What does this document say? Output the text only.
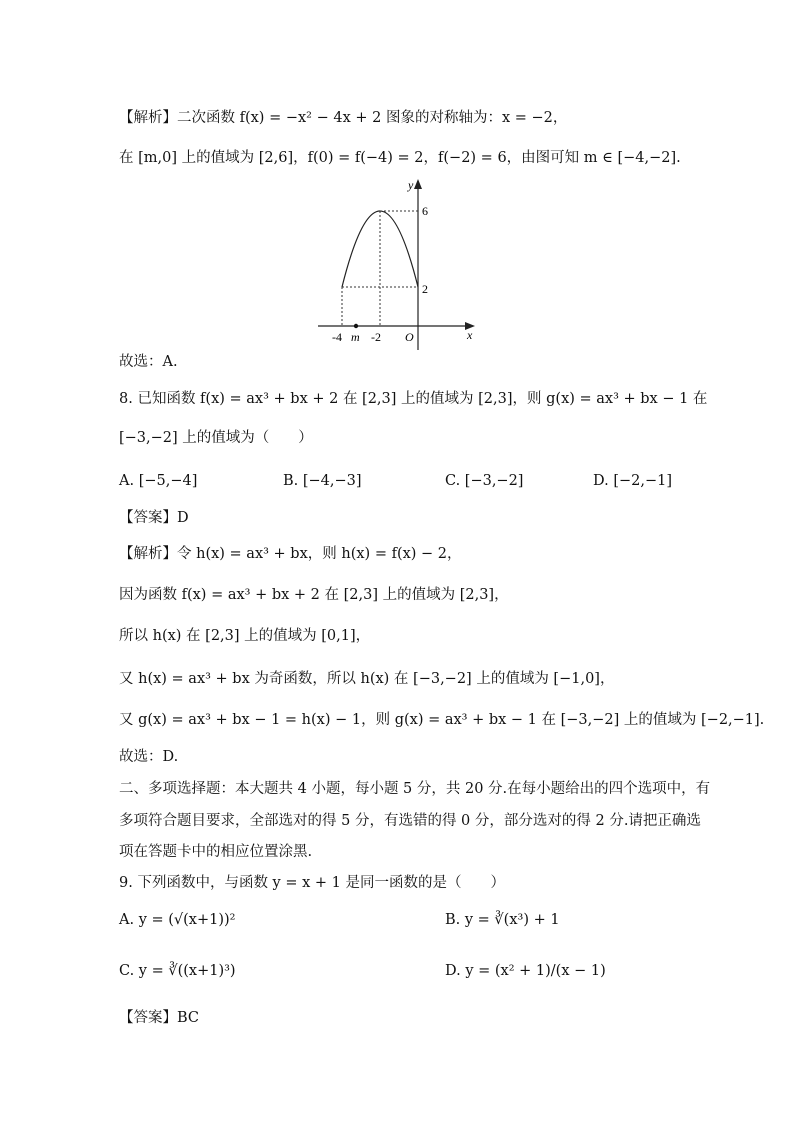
【解析】二次函数 f(x) = −x² − 4x + 2 图象的对称轴为：x = −2，
在 [m,0] 上的值域为 [2,6]，f(0) = f(−4) = 2，f(−2) = 6，由图可知 m ∈ [−4,−2].
y
6
2
x
O
-4 m -2
故选：A.
8. 已知函数 f(x) = ax³ + bx + 2 在 [2,3] 上的值域为 [2,3]，则 g(x) = ax³ + bx − 1 在
[−3,−2] 上的值域为（　　）
A. [−5,−4]	B. [−4,−3]	C. [−3,−2]	D. [−2,−1]
【答案】D
【解析】令 h(x) = ax³ + bx，则 h(x) = f(x) − 2，
因为函数 f(x) = ax³ + bx + 2 在 [2,3] 上的值域为 [2,3]，
所以 h(x) 在 [2,3] 上的值域为 [0,1]，
又 h(x) = ax³ + bx 为奇函数，所以 h(x) 在 [−3,−2] 上的值域为 [−1,0]，
又 g(x) = ax³ + bx − 1 = h(x) − 1，则 g(x) = ax³ + bx − 1 在 [−3,−2] 上的值域为 [−2,−1].
故选：D.
二、多项选择题：本大题共 4 小题，每小题 5 分，共 20 分.在每小题给出的四个选项中，有
多项符合题目要求，全部选对的得 5 分，有选错的得 0 分，部分选对的得 2 分.请把正确选
项在答题卡中的相应位置涂黑.
9. 下列函数中，与函数 y = x + 1 是同一函数的是（　　）
A. y = (√(x+1))²	B. y = ∛(x³) + 1
C. y = ∛((x+1)³)	D. y = (x² + 1)/(x − 1)
【答案】BC
